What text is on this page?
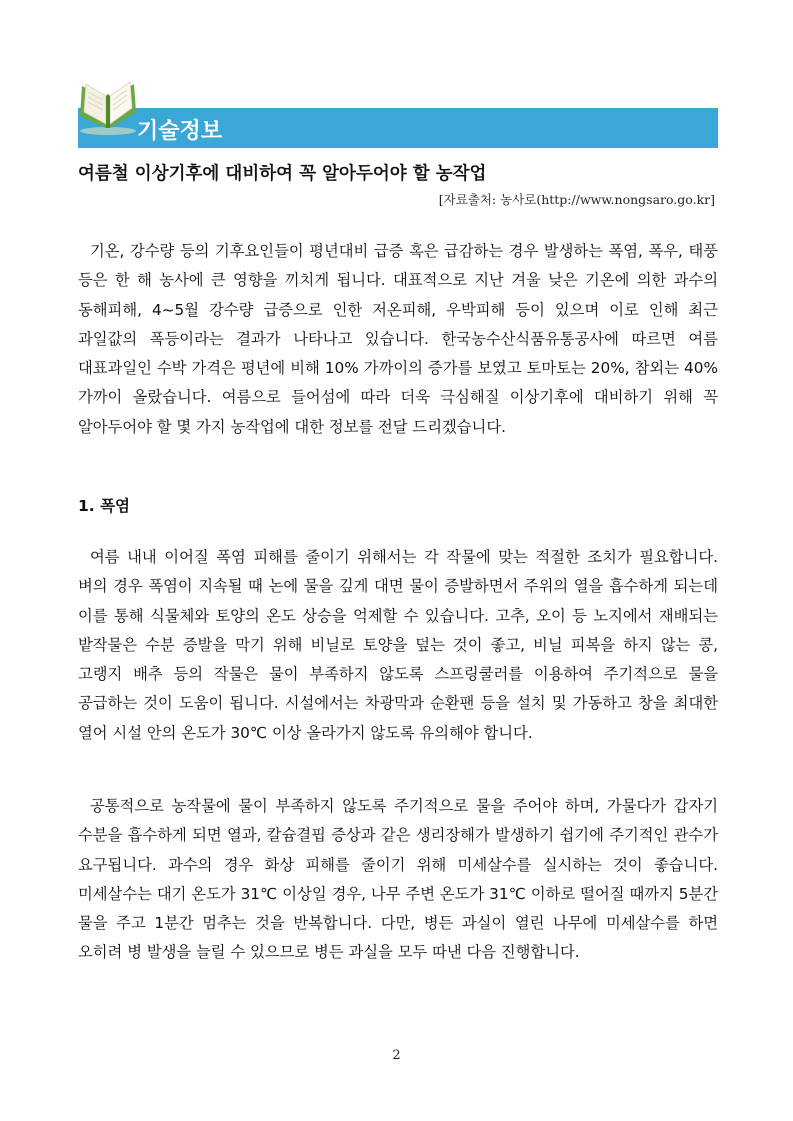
기술정보
여름철 이상기후에 대비하여 꼭 알아두어야 할 농작업
[자료출처: 농사로(http://www.nongsaro.go.kr]

기온, 강수량 등의 기후요인들이 평년대비 급증 혹은 급감하는 경우 발생하는 폭염, 폭우, 태풍 등은 한 해 농사에 큰 영향을 끼치게 됩니다. 대표적으로 지난 겨울 낮은 기온에 의한 과수의 동해피해, 4~5월 강수량 급증으로 인한 저온피해, 우박피해 등이 있으며 이로 인해 최근 과일값의 폭등이라는 결과가 나타나고 있습니다. 한국농수산식품유통공사에 따르면 여름 대표과일인 수박 가격은 평년에 비해 10% 가까이의 증가를 보였고 토마토는 20%, 참외는 40% 가까이 올랐습니다. 여름으로 들어섬에 따라 더욱 극심해질 이상기후에 대비하기 위해 꼭 알아두어야 할 몇 가지 농작업에 대한 정보를 전달 드리겠습니다.

1. 폭염

여름 내내 이어질 폭염 피해를 줄이기 위해서는 각 작물에 맞는 적절한 조치가 필요합니다. 벼의 경우 폭염이 지속될 때 논에 물을 깊게 대면 물이 증발하면서 주위의 열을 흡수하게 되는데 이를 통해 식물체와 토양의 온도 상승을 억제할 수 있습니다. 고추, 오이 등 노지에서 재배되는 밭작물은 수분 증발을 막기 위해 비닐로 토양을 덮는 것이 좋고, 비닐 피복을 하지 않는 콩, 고랭지 배추 등의 작물은 물이 부족하지 않도록 스프링쿨러를 이용하여 주기적으로 물을 공급하는 것이 도움이 됩니다. 시설에서는 차광막과 순환팬 등을 설치 및 가동하고 창을 최대한 열어 시설 안의 온도가 30℃ 이상 올라가지 않도록 유의해야 합니다.

공통적으로 농작물에 물이 부족하지 않도록 주기적으로 물을 주어야 하며, 가물다가 갑자기 수분을 흡수하게 되면 열과, 칼슘결핍 증상과 같은 생리장해가 발생하기 쉽기에 주기적인 관수가 요구됩니다. 과수의 경우 화상 피해를 줄이기 위해 미세살수를 실시하는 것이 좋습니다. 미세살수는 대기 온도가 31℃ 이상일 경우, 나무 주변 온도가 31℃ 이하로 떨어질 때까지 5분간 물을 주고 1분간 멈추는 것을 반복합니다. 다만, 병든 과실이 열린 나무에 미세살수를 하면 오히려 병 발생을 늘릴 수 있으므로 병든 과실을 모두 따낸 다음 진행합니다.

2
